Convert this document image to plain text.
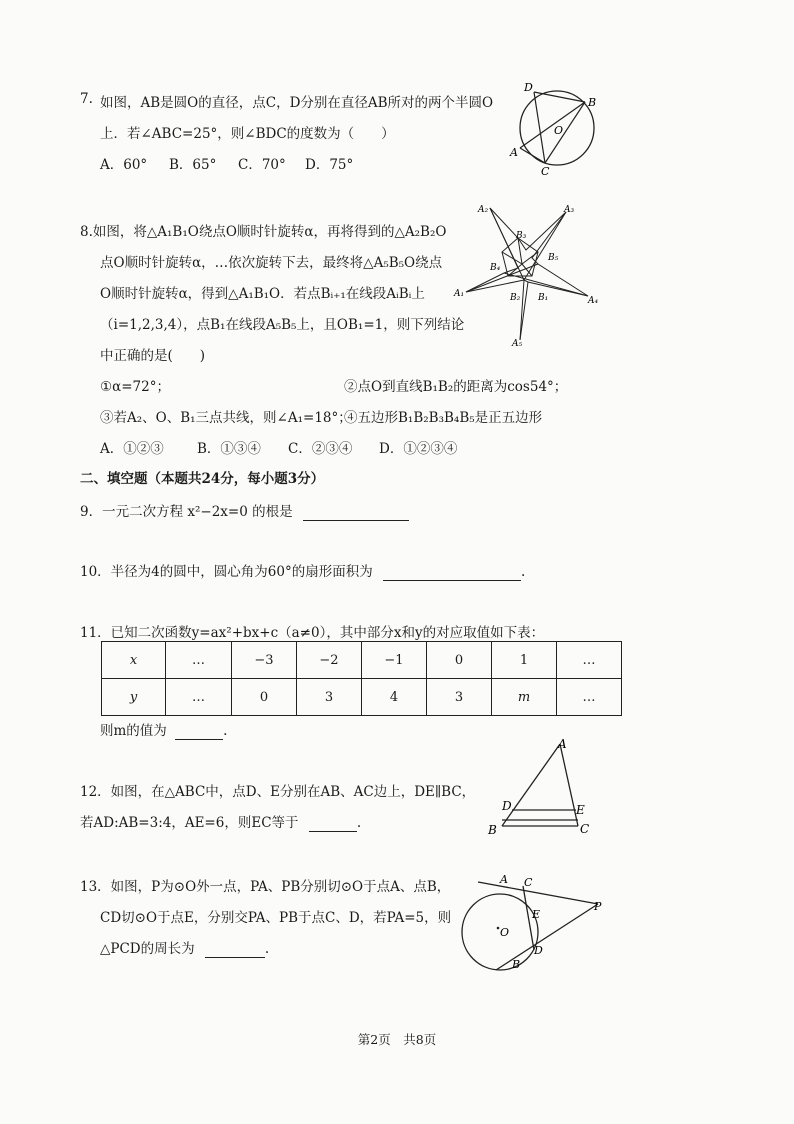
7. 如图，AB是圆O的直径，点C，D分别在直径AB所对的两个半圆O
上．若∠ABC=25°，则∠BDC的度数为（　　）
A．60° B．65° C．70° D．75°
D
B
O
A
C
8.如图，将△A₁B₁O绕点O顺时针旋转α，再将得到的△A₂B₂O
点O顺时针旋转α，…依次旋转下去，最终将△A₅B₅O绕点
O顺时针旋转α，得到△A₁B₁O．若点Bᵢ₊₁在线段AᵢBᵢ上
（i=1,2,3,4），点B₁在线段A₅B₅上，且OB₁=1，则下列结论
中正确的是(　　)
①α=72°；	②点O到直线B₁B₂的距离为cos54°；
③若A₂、O、B₁三点共线，则∠A₁=18°；
④五边形B₁B₂B₃B₄B₅是正五边形
A．①②③ B．①③④ C．②③④ D．①②③④
A₂	A₃
B₃
B₄
B₅
A₁	B₂ B₁	A₄
A₅
二、填空题（本题共24分，每小题3分）
9．一元二次方程 x²−2x=0 的根是
10．半径为4的圆中，圆心角为60°的扇形面积为	.
11．已知二次函数y=ax²+bx+c（a≠0），其中部分x和y的对应取值如下表：
x	…	−3	−2	−1	0	1	…
y	…	0	3	4	3	m	…
则m的值为	.
12．如图，在△ABC中，点D、E分别在AB、AC边上，DE∥BC，
若AD:AB=3:4，AE=6，则EC等于	.
A
D	E
B	C
13．如图，P为⊙O外一点，PA、PB分别切⊙O于点A、点B，
CD切⊙O于点E，分别交PA、PB于点C、D，若PA=5，则
△PCD的周长为	.
A C
E
P
O
D
B
第2页　共8页
